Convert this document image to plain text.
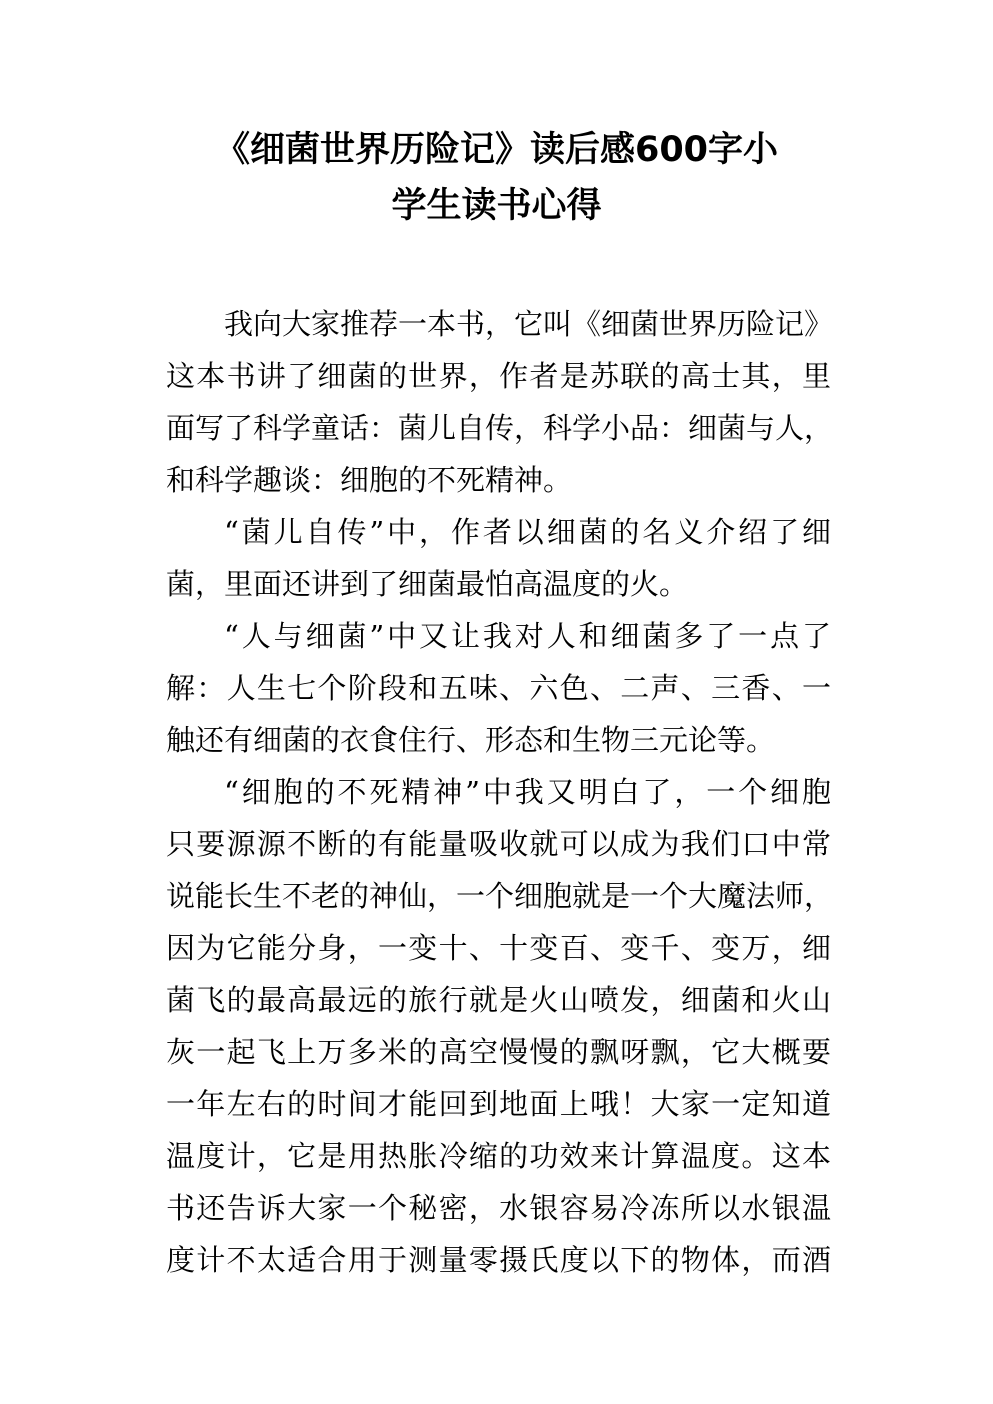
《细菌世界历险记》读后感600字小
学生读书心得
我向大家推荐一本书，它叫《细菌世界历险记》
这本书讲了细菌的世界，作者是苏联的高士其，里
面写了科学童话：菌儿自传，科学小品：细菌与人，
和科学趣谈：细胞的不死精神。
“菌儿自传”中，作者以细菌的名义介绍了细
菌，里面还讲到了细菌最怕高温度的火。
“人与细菌”中又让我对人和细菌多了一点了
解：人生七个阶段和五味、六色、二声、三香、一
触还有细菌的衣食住行、形态和生物三元论等。
“细胞的不死精神”中我又明白了，一个细胞
只要源源不断的有能量吸收就可以成为我们口中常
说能长生不老的神仙，一个细胞就是一个大魔法师，
因为它能分身，一变十、十变百、变千、变万，细
菌飞的最高最远的旅行就是火山喷发，细菌和火山
灰一起飞上万多米的高空慢慢的飘呀飘，它大概要
一年左右的时间才能回到地面上哦！大家一定知道
温度计，它是用热胀冷缩的功效来计算温度。这本
书还告诉大家一个秘密，水银容易冷冻所以水银温
度计不太适合用于测量零摄氏度以下的物体，而酒
